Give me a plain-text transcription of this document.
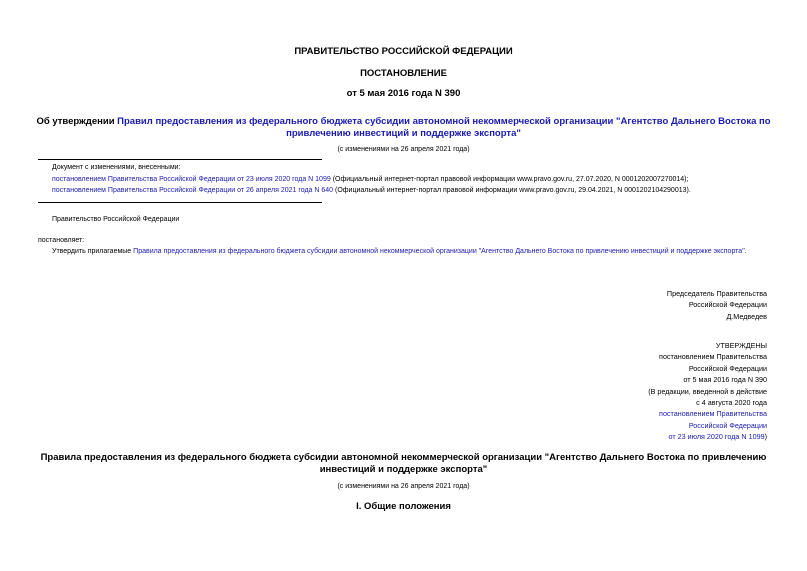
ПРАВИТЕЛЬСТВО РОССИЙСКОЙ ФЕДЕРАЦИИ
ПОСТАНОВЛЕНИЕ
от 5 мая 2016 года N 390
Об утверждении Правил предоставления из федерального бюджета субсидии автономной некоммерческой организации "Агентство Дальнего Востока по
привлечению инвестиций и поддержке экспорта"
(с изменениями на 26 апреля 2021 года)
Документ с изменениями, внесенными:
постановлением Правительства Российской Федерации от 23 июля 2020 года N 1099 (Официальный интернет-портал правовой информации www.pravo.gov.ru, 27.07.2020, N 0001202007270014);
постановлением Правительства Российской Федерации от 26 апреля 2021 года N 640 (Официальный интернет-портал правовой информации www.pravo.gov.ru, 29.04.2021, N 0001202104290013).
Правительство Российской Федерации
постановляет:
Утвердить прилагаемые Правила предоставления из федерального бюджета субсидии автономной некоммерческой организации "Агентство Дальнего Востока по привлечению инвестиций и поддержке экспорта".
Председатель Правительства
Российской Федерации
Д.Медведев
УТВЕРЖДЕНЫ
постановлением Правительства
Российской Федерации
от 5 мая 2016 года N 390
(В редакции, введенной в действие
с 4 августа 2020 года
постановлением Правительства
Российской Федерации
от 23 июля 2020 года N 1099)
Правила предоставления из федерального бюджета субсидии автономной некоммерческой организации "Агентство Дальнего Востока по привлечению
инвестиций и поддержке экспорта"
(с изменениями на 26 апреля 2021 года)
I. Общие положения
